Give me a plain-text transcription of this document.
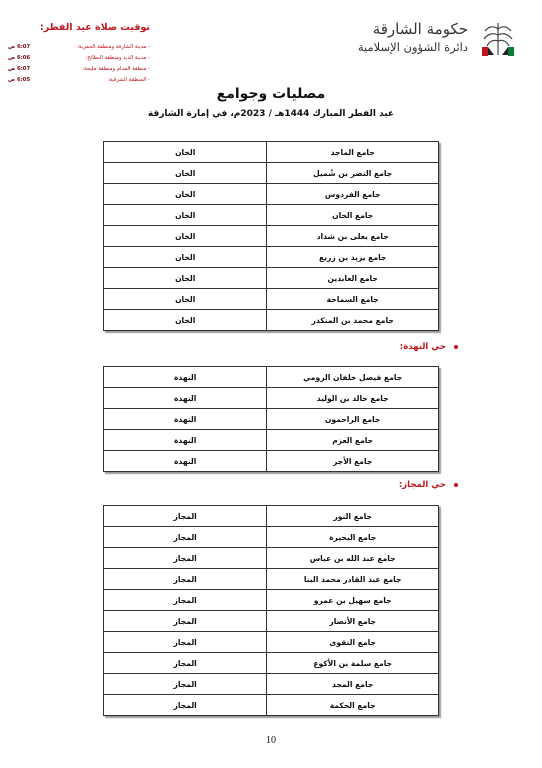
حكومة الشارقة
دائرة الشؤون الإسلامية
توقيت صلاة عيد الفطر:
- مدينة الشارقة ومنطقة الحمرية:
6:07 ص
- مدينة الذيد ومنطقة البطائح:
6:06 ص
- منطقة المدام ومنطقة مليحة:
6:07 ص
- المنطقة الشرقية:
6:05 ص
مصليات وجوامع
عيد الفطر المبارك 1444هـ / 2023م، في إمارة الشارقة
جامع الماجد	الخان
جامع النضر بن شُميل	الخان
جامع الفردوس	الخان
جامع الخان	الخان
جامع يعلى بن شداد	الخان
جامع يزيد بن زريع	الخان
جامع العابدين	الخان
جامع السماحة	الخان
جامع محمد بن المنكدر	الخان
حي النهدة:
جامع فيصل خلفان الرومي	النهدة
جامع خالد بن الوليد	النهدة
جامع الراحمون	النهدة
جامع العزم	النهدة
جامع الأجر	النهدة
حي المجاز:
جامع النور	المجاز
جامع البحيرة	المجاز
جامع عبد الله بن عباس	المجاز
جامع عبد القادر محمد البنا	المجاز
جامع سهيل بن عمرو	المجاز
جامع الأنصار	المجاز
جامع التقوى	المجاز
جامع سلمة بن الأكوع	المجاز
جامع المجد	المجاز
جامع الحكمة	المجاز
10
